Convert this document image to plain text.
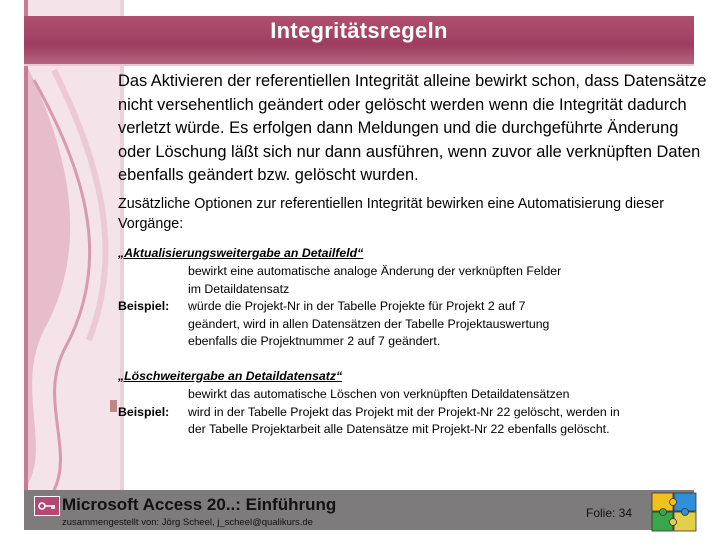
Integritätsregeln

Das Aktivieren der referentiellen Integrität alleine bewirkt schon, dass Datensätze nicht versehentlich geändert oder gelöscht werden wenn die Integrität dadurch verletzt würde. Es erfolgen dann Meldungen und die durchgeführte Änderung oder Löschung läßt sich nur dann ausführen, wenn zuvor alle verknüpften Daten ebenfalls geändert bzw. gelöscht wurden.

Zusätzliche Optionen zur referentiellen Integrität bewirken eine Automatisierung dieser Vorgänge:

„Aktualisierungsweitergabe an Detailfeld“
bewirkt eine automatische analoge Änderung der verknüpften Felder
im Detaildatensatz
Beispiel:	würde die Projekt-Nr in der Tabelle Projekte für Projekt 2 auf 7
geändert, wird in allen Datensätzen der Tabelle Projektauswertung
ebenfalls die Projektnummer 2 auf 7 geändert.
„Löschweitergabe an Detaildatensatz“
bewirkt das automatische Löschen von verknüpften Detaildatensätzen
Beispiel:	wird in der Tabelle Projekt das Projekt mit der Projekt-Nr 22 gelöscht, werden in
der Tabelle Projektarbeit alle Datensätze mit Projekt-Nr 22 ebenfalls gelöscht.
Microsoft Access 20..: Einführung
zusammengestellt von: Jörg Scheel, j_scheel@qualikurs.de
Folie: 34
